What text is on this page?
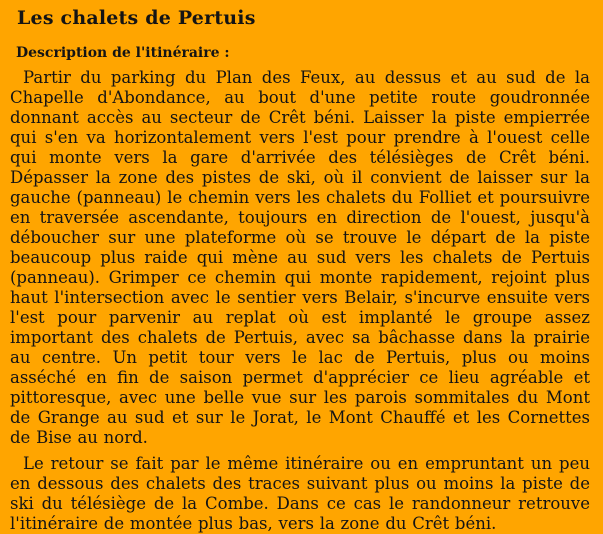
Les chalets de Pertuis
Description de l'itinéraire :

Partir du parking du Plan des Feux, au dessus et au sud de la Chapelle d'Abondance, au bout d'une petite route goudronnée donnant accès au secteur de Crêt béni. Laisser la piste empierrée qui s'en va horizontalement vers l'est pour prendre à l'ouest celle qui monte vers la gare d'arrivée des télésièges de Crêt béni. Dépasser la zone des pistes de ski, où il convient de laisser sur la gauche (panneau) le chemin vers les chalets du Folliet et poursuivre en traversée ascendante, toujours en direction de l'ouest, jusqu'à déboucher sur une plateforme où se trouve le départ de la piste beaucoup plus raide qui mène au sud vers les chalets de Pertuis (panneau). Grimper ce chemin qui monte rapidement, rejoint plus haut l'intersection avec le sentier vers Belair, s'incurve ensuite vers l'est pour parvenir au replat où est implanté le groupe assez important des chalets de Pertuis, avec sa bâchasse dans la prairie au centre. Un petit tour vers le lac de Pertuis, plus ou moins asséché en fin de saison permet d'apprécier ce lieu agréable et pittoresque, avec une belle vue sur les parois sommitales du Mont de Grange au sud et sur le Jorat, le Mont Chauffé et les Cornettes de Bise au nord.

Le retour se fait par le même itinéraire ou en empruntant un peu en dessous des chalets des traces suivant plus ou moins la piste de ski du télésiège de la Combe. Dans ce cas le randonneur retrouve l'itinéraire de montée plus bas, vers la zone du Crêt béni.
